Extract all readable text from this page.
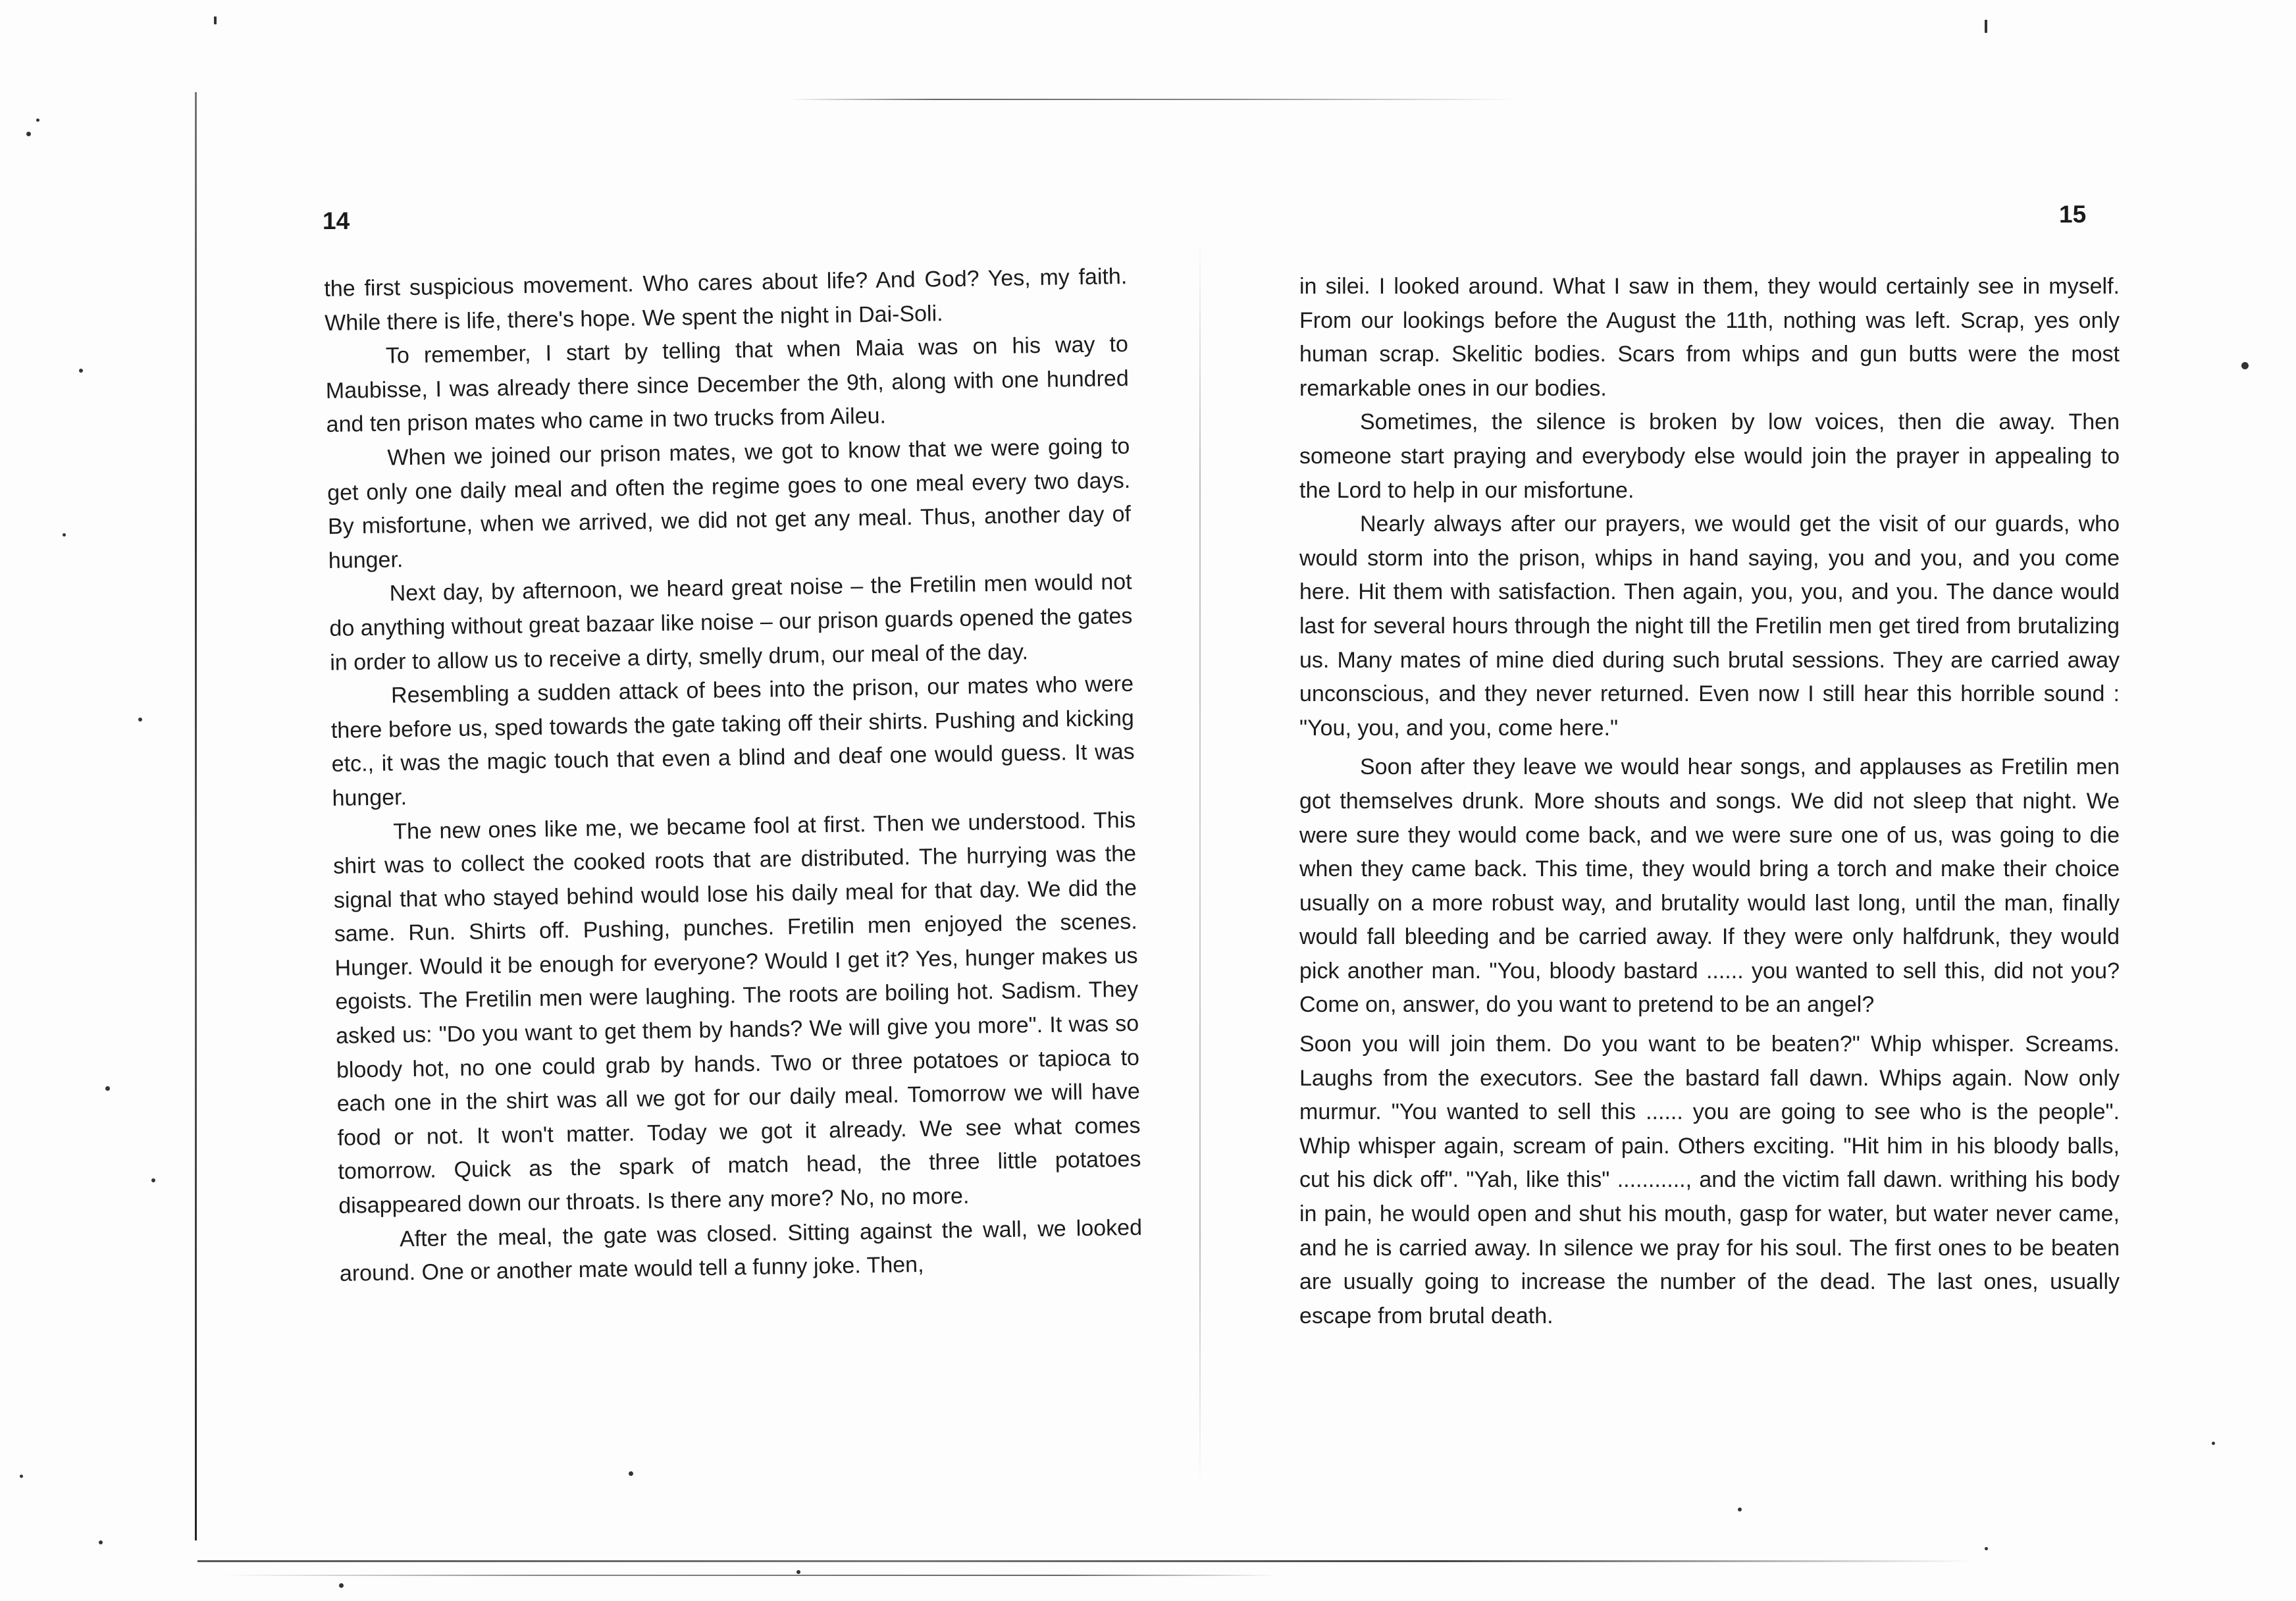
14

the first suspicious movement. Who cares about life? And God? Yes, my faith. While there is life, there's hope. We spent the night in Dai-Soli.

To remember, I start by telling that when Maia was on his way to Maubisse, I was already there since December the 9th, along with one hundred and ten prison mates who came in two trucks from Aileu.

When we joined our prison mates, we got to know that we were going to get only one daily meal and often the regime goes to one meal every two days. By misfortune, when we arrived, we did not get any meal. Thus, another day of hunger.

Next day, by afternoon, we heard great noise – the Fretilin men would not do anything without great bazaar like noise – our prison guards opened the gates in order to allow us to receive a dirty, smelly drum, our meal of the day.

Resembling a sudden attack of bees into the prison, our mates who were there before us, sped towards the gate taking off their shirts. Pushing and kicking etc., it was the magic touch that even a blind and deaf one would guess. It was hunger.

The new ones like me, we became fool at first. Then we understood. This shirt was to collect the cooked roots that are distributed. The hurrying was the signal that who stayed behind would lose his daily meal for that day. We did the same. Run. Shirts off. Pushing, punches. Fretilin men enjoyed the scenes. Hunger. Would it be enough for everyone? Would I get it? Yes, hunger makes us egoists. The Fretilin men were laughing. The roots are boiling hot. Sadism. They asked us: "Do you want to get them by hands? We will give you more". It was so bloody hot, no one could grab by hands. Two or three potatoes or tapioca to each one in the shirt was all we got for our daily meal. Tomorrow we will have food or not. It won't matter. Today we got it already. We see what comes tomorrow. Quick as the spark of match head, the three little potatoes disappeared down our throats. Is there any more? No, no more.

After the meal, the gate was closed. Sitting against the wall, we looked around. One or another mate would tell a funny joke. Then,

15

in silei. I looked around. What I saw in them, they would certainly see in myself. From our lookings before the August the 11th, nothing was left. Scrap, yes only human scrap. Skelitic bodies. Scars from whips and gun butts were the most remarkable ones in our bodies.

Sometimes, the silence is broken by low voices, then die away. Then someone start praying and everybody else would join the prayer in appealing to the Lord to help in our misfortune.

Nearly always after our prayers, we would get the visit of our guards, who would storm into the prison, whips in hand saying, you and you, and you come here. Hit them with satisfaction. Then again, you, you, and you. The dance would last for several hours through the night till the Fretilin men get tired from brutalizing us. Many mates of mine died during such brutal sessions. They are carried away unconscious, and they never returned. Even now I still hear this horrible sound : "You, you, and you, come here."

Soon after they leave we would hear songs, and applauses as Fretilin men got themselves drunk. More shouts and songs. We did not sleep that night. We were sure they would come back, and we were sure one of us, was going to die when they came back. This time, they would bring a torch and make their choice usually on a more robust way, and brutality would last long, until the man, finally would fall bleeding and be carried away. If they were only halfdrunk, they would pick another man. "You, bloody bastard ...... you wanted to sell this, did not you? Come on, answer, do you want to pretend to be an angel?

Soon you will join them. Do you want to be beaten?" Whip whisper. Screams. Laughs from the executors. See the bastard fall dawn. Whips again. Now only murmur. "You wanted to sell this ...... you are going to see who is the people". Whip whisper again, scream of pain. Others exciting. "Hit him in his bloody balls, cut his dick off". "Yah, like this" ..........., and the victim fall dawn. writhing his body in pain, he would open and shut his mouth, gasp for water, but water never came, and he is carried away. In silence we pray for his soul. The first ones to be beaten are usually going to increase the number of the dead. The last ones, usually escape from brutal death.
